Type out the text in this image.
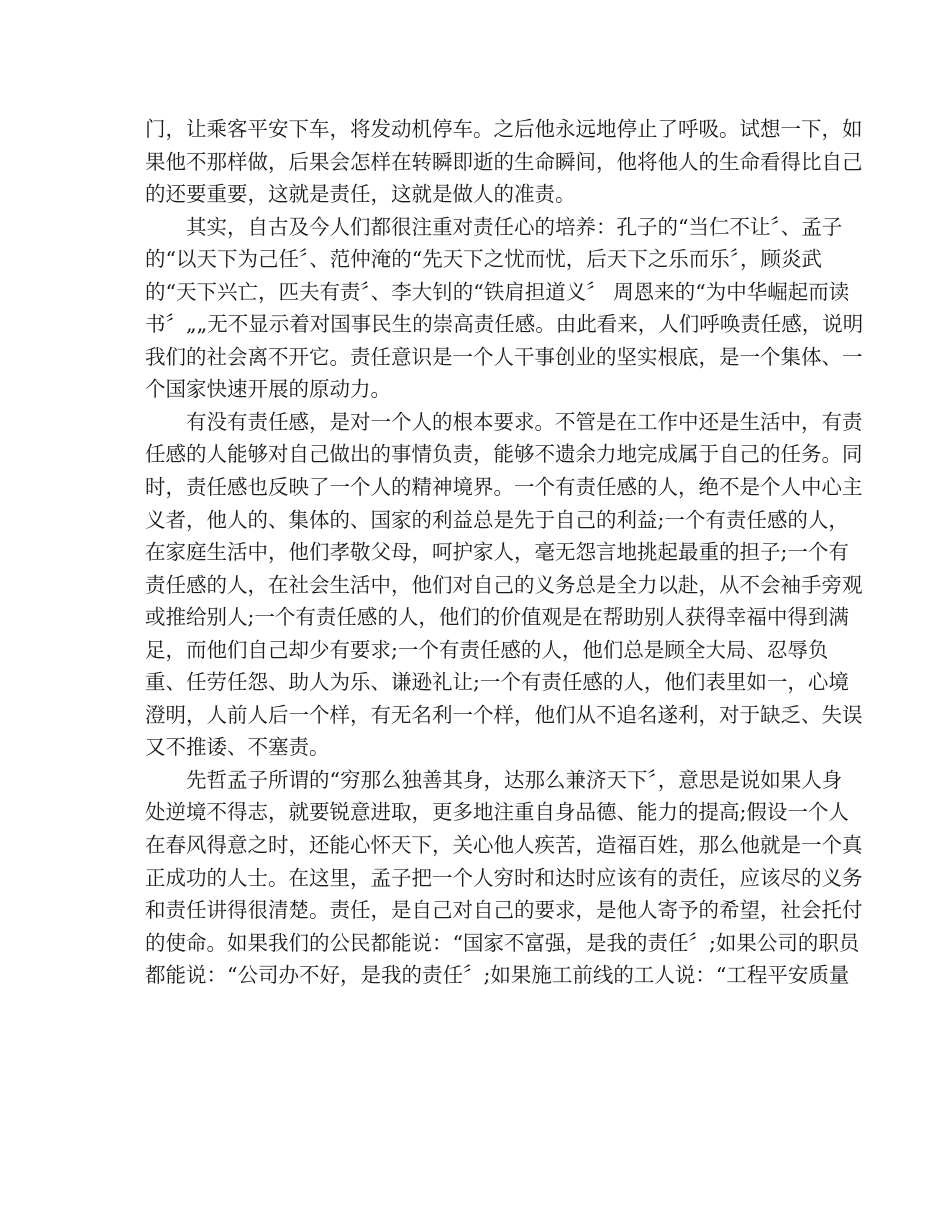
门，让乘客平安下车，将发动机停车。之后他永远地停止了呼吸。试想一下，如
果他不那样做，后果会怎样在转瞬即逝的生命瞬间，他将他人的生命看得比自己
的还要重要，这就是责任，这就是做人的准责。
其实，自古及今人们都很注重对责任心的培养：孔子的“当仁不让〞、孟子
的“以天下为己任〞、范仲淹的“先天下之忧而忧，后天下之乐而乐〞，顾炎武
的“天下兴亡，匹夫有责〞、李大钊的“铁肩担道义〞 周恩来的“为中华崛起而读
书〞„„无不显示着对国事民生的崇高责任感。由此看来，人们呼唤责任感，说明
我们的社会离不开它。责任意识是一个人干事创业的坚实根底，是一个集体、一
个国家快速开展的原动力。
有没有责任感，是对一个人的根本要求。不管是在工作中还是生活中，有责
任感的人能够对自己做出的事情负责，能够不遗余力地完成属于自己的任务。同
时，责任感也反映了一个人的精神境界。一个有责任感的人，绝不是个人中心主
义者，他人的、集体的、国家的利益总是先于自己的利益;一个有责任感的人，
在家庭生活中，他们孝敬父母，呵护家人，毫无怨言地挑起最重的担子;一个有
责任感的人，在社会生活中，他们对自己的义务总是全力以赴，从不会袖手旁观
或推给别人;一个有责任感的人，他们的价值观是在帮助别人获得幸福中得到满
足，而他们自己却少有要求;一个有责任感的人，他们总是顾全大局、忍辱负
重、任劳任怨、助人为乐、谦逊礼让;一个有责任感的人，他们表里如一，心境
澄明，人前人后一个样，有无名利一个样，他们从不追名遂利，对于缺乏、失误
又不推诿、不塞责。
先哲孟子所谓的“穷那么独善其身，达那么兼济天下〞，意思是说如果人身
处逆境不得志，就要锐意进取，更多地注重自身品德、能力的提高;假设一个人
在春风得意之时，还能心怀天下，关心他人疾苦，造福百姓，那么他就是一个真
正成功的人士。在这里，孟子把一个人穷时和达时应该有的责任，应该尽的义务
和责任讲得很清楚。责任，是自己对自己的要求，是他人寄予的希望，社会托付
的使命。如果我们的公民都能说：“国家不富强，是我的责任〞;如果公司的职员
都能说：“公司办不好，是我的责任〞;如果施工前线的工人说：“工程平安质量
